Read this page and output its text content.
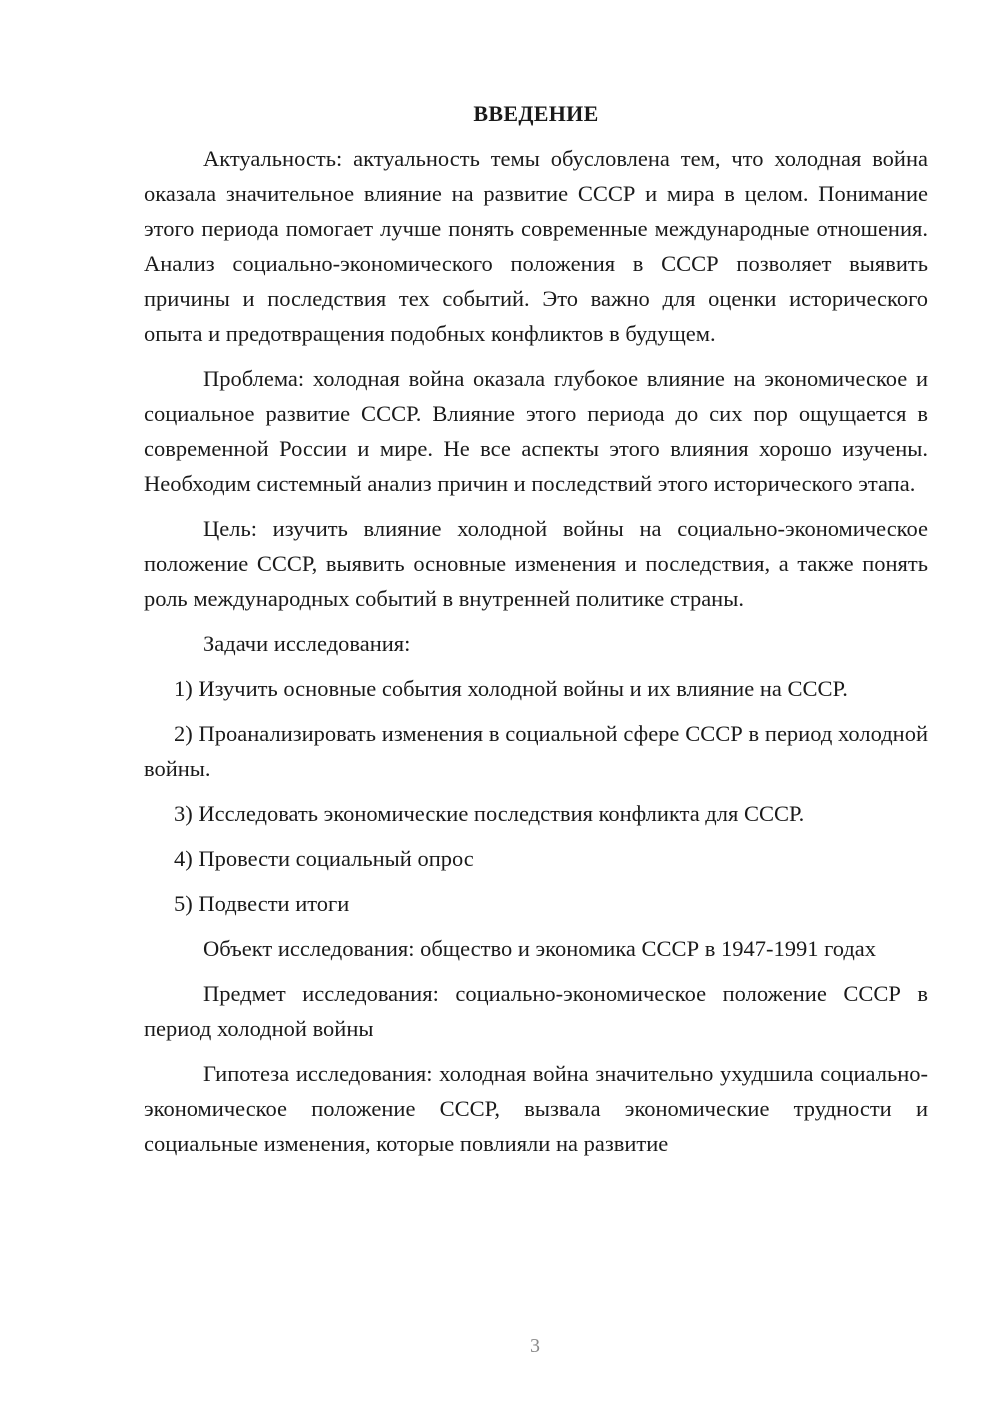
ВВЕДЕНИЕ

Актуальность: актуальность темы обусловлена тем, что холодная война оказала значительное влияние на развитие СССР и мира в целом. Понимание этого периода помогает лучше понять современные международные отношения. Анализ социально-экономического положения в СССР позволяет выявить причины и последствия тех событий. Это важно для оценки исторического опыта и предотвращения подобных конфликтов в будущем.

Проблема: холодная война оказала глубокое влияние на экономическое и социальное развитие СССР. Влияние этого периода до сих пор ощущается в современной России и мире. Не все аспекты этого влияния хорошо изучены. Необходим системный анализ причин и последствий этого исторического этапа.

Цель: изучить влияние холодной войны на социально-экономическое положение СССР, выявить основные изменения и последствия, а также понять роль международных событий в внутренней политике страны.

Задачи исследования:

1) Изучить основные события холодной войны и их влияние на СССР.

2) Проанализировать изменения в социальной сфере СССР в период холодной войны.

3) Исследовать экономические последствия конфликта для СССР.

4) Провести социальный опрос

5) Подвести итоги

Объект исследования: общество и экономика СССР в 1947-1991 годах

Предмет исследования: социально-экономическое положение СССР в период холодной войны

Гипотеза исследования: холодная война значительно ухудшила социально-экономическое положение СССР, вызвала экономические трудности и социальные изменения, которые повлияли на развитие

3
